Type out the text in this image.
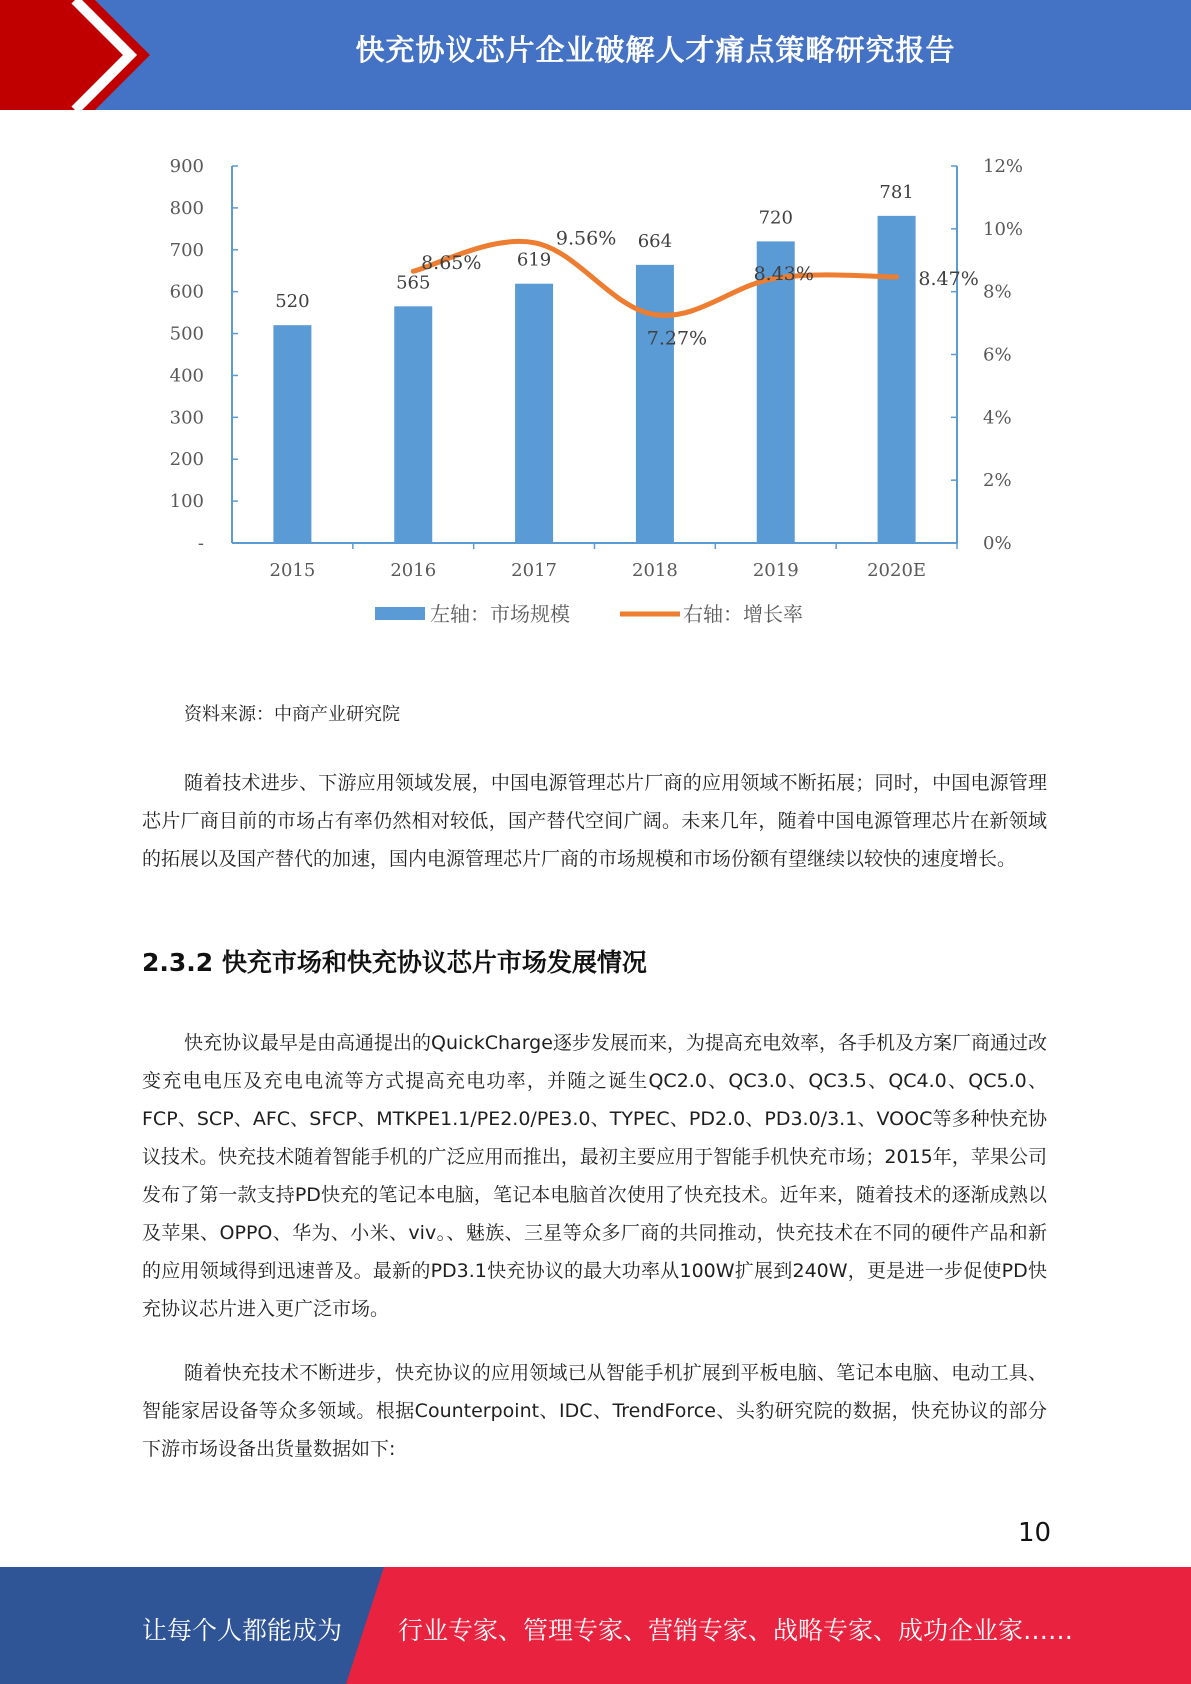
快充协议芯片企业破解人才痛点策略研究报告
-
100
200
300
400
500
600
700
800
900
0%
2%
4%
6%
8%
10%
12%
2015	2016	2017	2018	2019	2020E
520
565
619
664
720
781
8.65%
9.56%
7.27%
8.43%	8.47%
左轴：市场规模	右轴：增长率
资料来源：中商产业研究院
随着技术进步、下游应用领域发展，中国电源管理芯片厂商的应用领域不断拓展；同时，中国电源管理芯片厂商目前的市场占有率仍然相对较低，国产替代空间广阔。未来几年，随着中国电源管理芯片在新领域的拓展以及国产替代的加速，国内电源管理芯片厂商的市场规模和市场份额有望继续以较快的速度增长。
2.3.2 快充市场和快充协议芯片市场发展情况
快充协议最早是由高通提出的QuickCharge逐步发展而来，为提高充电效率，各手机及方案厂商通过改变充电电压及充电电流等方式提高充电功率，并随之诞生QC2.0、QC3.0、QC3.5、QC4.0、QC5.0、FCP、SCP、AFC、SFCP、MTKPE1.1/PE2.0/PE3.0、TYPEC、PD2.0、PD3.0/3.1、VOOC等多种快充协议技术。快充技术随着智能手机的广泛应用而推出，最初主要应用于智能手机快充市场；2015年，苹果公司发布了第一款支持PD快充的笔记本电脑，笔记本电脑首次使用了快充技术。近年来，随着技术的逐渐成熟以及苹果、OPPO、华为、小米、viv。、魅族、三星等众多厂商的共同推动，快充技术在不同的硬件产品和新的应用领域得到迅速普及。最新的PD3.1快充协议的最大功率从100W扩展到240W，更是进一步促使PD快充协议芯片进入更广泛市场。
随着快充技术不断进步，快充协议的应用领域已从智能手机扩展到平板电脑、笔记本电脑、电动工具、智能家居设备等众多领域。根据Counterpoint、IDC、TrendForce、头豹研究院的数据，快充协议的部分下游市场设备出货量数据如下:
10
让每个人都能成为 行业专家、管理专家、营销专家、战略专家、成功企业家……
